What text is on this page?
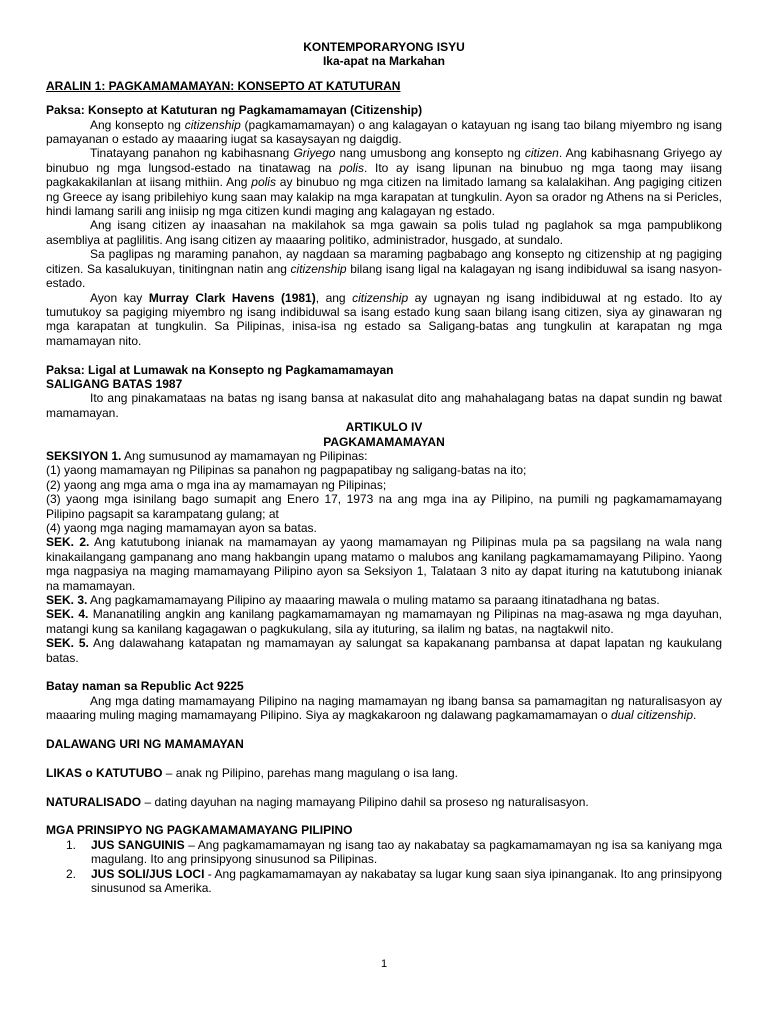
KONTEMPORARYONG ISYU
Ika-apat na Markahan
ARALIN 1: PAGKAMAMAMAYAN: KONSEPTO AT KATUTURAN
Paksa: Konsepto at Katuturan ng Pagkamamamayan (Citizenship)

Ang konsepto ng citizenship (pagkamamamayan) o ang kalagayan o katayuan ng isang tao bilang miyembro ng isang pamayanan o estado ay maaaring iugat sa kasaysayan ng daigdig.

Tinatayang panahon ng kabihasnang Griyego nang umusbong ang konsepto ng citizen. Ang kabihasnang Griyego ay binubuo ng mga lungsod-estado na tinatawag na polis. Ito ay isang lipunan na binubuo ng mga taong may iisang pagkakakilanlan at iisang mithiin. Ang polis ay binubuo ng mga citizen na limitado lamang sa kalalakihan. Ang pagiging citizen ng Greece ay isang pribilehiyo kung saan may kalakip na mga karapatan at tungkulin. Ayon sa orador ng Athens na si Pericles, hindi lamang sarili ang iniisip ng mga citizen kundi maging ang kalagayan ng estado.

Ang isang citizen ay inaasahan na makilahok sa mga gawain sa polis tulad ng paglahok sa mga pampublikong asembliya at paglilitis. Ang isang citizen ay maaaring politiko, administrador, husgado, at sundalo.

Sa paglipas ng maraming panahon, ay nagdaan sa maraming pagbabago ang konsepto ng citizenship at ng pagiging citizen. Sa kasalukuyan, tinitingnan natin ang citizenship bilang isang ligal na kalagayan ng isang indibiduwal sa isang nasyon-estado.

Ayon kay Murray Clark Havens (1981), ang citizenship ay ugnayan ng isang indibiduwal at ng estado. Ito ay tumutukoy sa pagiging miyembro ng isang indibiduwal sa isang estado kung saan bilang isang citizen, siya ay ginawaran ng mga karapatan at tungkulin. Sa Pilipinas, inisa-isa ng estado sa Saligang-batas ang tungkulin at karapatan ng mga mamamayan nito.

Paksa: Ligal at Lumawak na Konsepto ng Pagkamamamayan
SALIGANG BATAS 1987

Ito ang pinakamataas na batas ng isang bansa at nakasulat dito ang mahahalagang batas na dapat sundin ng bawat mamamayan.

ARTIKULO IV
PAGKAMAMAMAYAN

SEKSIYON 1. Ang sumusunod ay mamamayan ng Pilipinas:

(1) yaong mamamayan ng Pilipinas sa panahon ng pagpapatibay ng saligang-batas na ito;

(2) yaong ang mga ama o mga ina ay mamamayan ng Pilipinas;

(3) yaong mga isinilang bago sumapit ang Enero 17, 1973 na ang mga ina ay Pilipino, na pumili ng pagkamamamayang Pilipino pagsapit sa karampatang gulang; at

(4) yaong mga naging mamamayan ayon sa batas.

SEK. 2. Ang katutubong inianak na mamamayan ay yaong mamamayan ng Pilipinas mula pa sa pagsilang na wala nang kinakailangang gampanang ano mang hakbangin upang matamo o malubos ang kanilang pagkamamamayang Pilipino. Yaong mga nagpasiya na maging mamamayang Pilipino ayon sa Seksiyon 1, Talataan 3 nito ay dapat ituring na katutubong inianak na mamamayan.

SEK. 3. Ang pagkamamamayang Pilipino ay maaaring mawala o muling matamo sa paraang itinatadhana ng batas.

SEK. 4. Mananatiling angkin ang kanilang pagkamamamayan ng mamamayan ng Pilipinas na mag-asawa ng mga dayuhan, matangi kung sa kanilang kagagawan o pagkukulang, sila ay ituturing, sa ilalim ng batas, na nagtakwil nito.

SEK. 5. Ang dalawahang katapatan ng mamamayan ay salungat sa kapakanang pambansa at dapat lapatan ng kaukulang batas.

Batay naman sa Republic Act 9225

Ang mga dating mamamayang Pilipino na naging mamamayan ng ibang bansa sa pamamagitan ng naturalisasyon ay maaaring muling maging mamamayang Pilipino. Siya ay magkakaroon ng dalawang pagkamamamayan o dual citizenship.

DALAWANG URI NG MAMAMAYAN

LIKAS o KATUTUBO – anak ng Pilipino, parehas mang magulang o isa lang.

NATURALISADO – dating dayuhan na naging mamayang Pilipino dahil sa proseso ng naturalisasyon.

MGA PRINSIPYO NG PAGKAMAMAMAYANG PILIPINO
1. JUS SANGUINIS – Ang pagkamamamayan ng isang tao ay nakabatay sa pagkamamamayan ng isa sa kaniyang mga magulang. Ito ang prinsipyong sinusunod sa Pilipinas.
2. JUS SOLI/JUS LOCI - Ang pagkamamamayan ay nakabatay sa lugar kung saan siya ipinanganak. Ito ang prinsipyong sinusunod sa Amerika.
1
